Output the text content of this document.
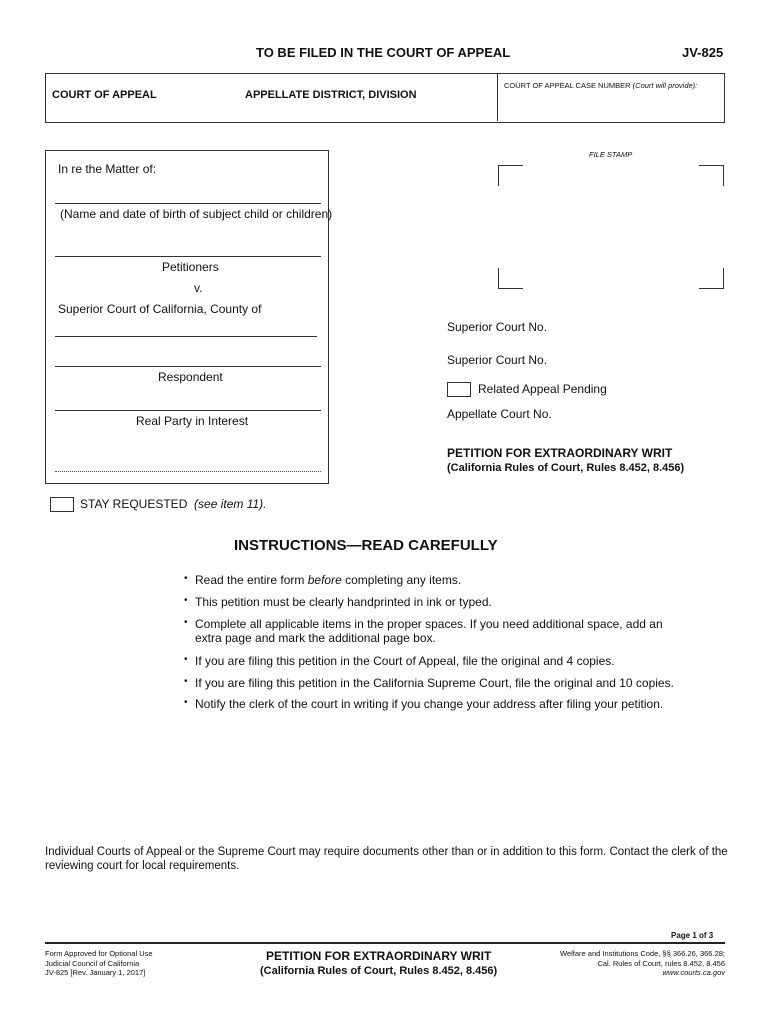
TO BE FILED IN THE COURT OF APPEAL	JV-825
COURT OF APPEAL	APPELLATE DISTRICT, DIVISION
COURT OF APPEAL CASE NUMBER (Court will provide):
In re the Matter of:
(Name and date of birth of subject child or children)
Petitioners
v.
Superior Court of California, County of
Respondent
Real Party in Interest
FILE STAMP
Superior Court No.
Superior Court No.
Related Appeal Pending
Appellate Court No.
PETITION FOR EXTRAORDINARY WRIT
(California Rules of Court, Rules 8.452, 8.456)
STAY REQUESTED (see item 11).
INSTRUCTIONS—READ CAREFULLY
• Read the entire form before completing any items.
• This petition must be clearly handprinted in ink or typed.
• Complete all applicable items in the proper spaces. If you need additional space, add an
extra page and mark the additional page box.
• If you are filing this petition in the Court of Appeal, file the original and 4 copies.
• If you are filing this petition in the California Supreme Court, file the original and 10 copies.
• Notify the clerk of the court in writing if you change your address after filing your petition.
Individual Courts of Appeal or the Supreme Court may require documents other than or in addition to this form. Contact the clerk of the
reviewing court for local requirements.
Page 1 of 3
Form Approved for Optional Use
Judicial Council of California
JV-825 [Rev. January 1, 2017]
PETITION FOR EXTRAORDINARY WRIT
(California Rules of Court, Rules 8.452, 8.456)
Welfare and Institutions Code, §§ 366.26, 366.28;
Cal. Rules of Court, rules 8.452, 8.456
www.courts.ca.gov
